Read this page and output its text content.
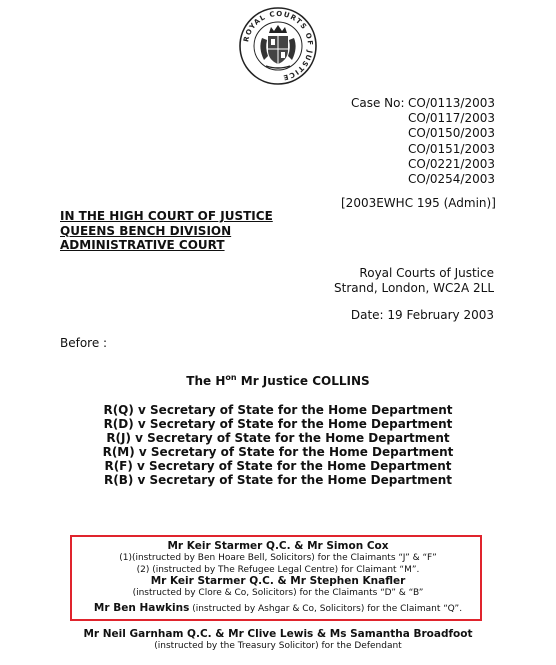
ROYAL COURTS OF JUSTICE
Case No: CO/0113/2003
CO/0117/2003
CO/0150/2003
CO/0151/2003
CO/0221/2003
CO/0254/2003
[2003EWHC 195 (Admin)]
IN THE HIGH COURT OF JUSTICE
QUEENS BENCH DIVISION
ADMINISTRATIVE COURT
Royal Courts of Justice
Strand, London, WC2A 2LL
Date: 19 February 2003
Before :
The $H^{on}$ Mr Justice COLLINS
R(Q) v Secretary of State for the Home Department
R(D) v Secretary of State for the Home Department
R(J) v Secretary of State for the Home Department
R(M) v Secretary of State for the Home Department
R(F) v Secretary of State for the Home Department
R(B) v Secretary of State for the Home Department
Mr Keir Starmer Q.C. & Mr Simon Cox
(1)(instructed by Ben Hoare Bell, Solicitors) for the Claimants “J” & “F”
(2) (instructed by The Refugee Legal Centre) for Claimant “M”.
Mr Keir Starmer Q.C. & Mr Stephen Knafler
(instructed by Clore & Co, Solicitors) for the Claimants “D” & “B”
Mr Ben Hawkins (instructed by Ashgar & Co, Solicitors) for the Claimant “Q”.
Mr Neil Garnham Q.C. & Mr Clive Lewis & Ms Samantha Broadfoot
(instructed by the Treasury Solicitor) for the Defendant
